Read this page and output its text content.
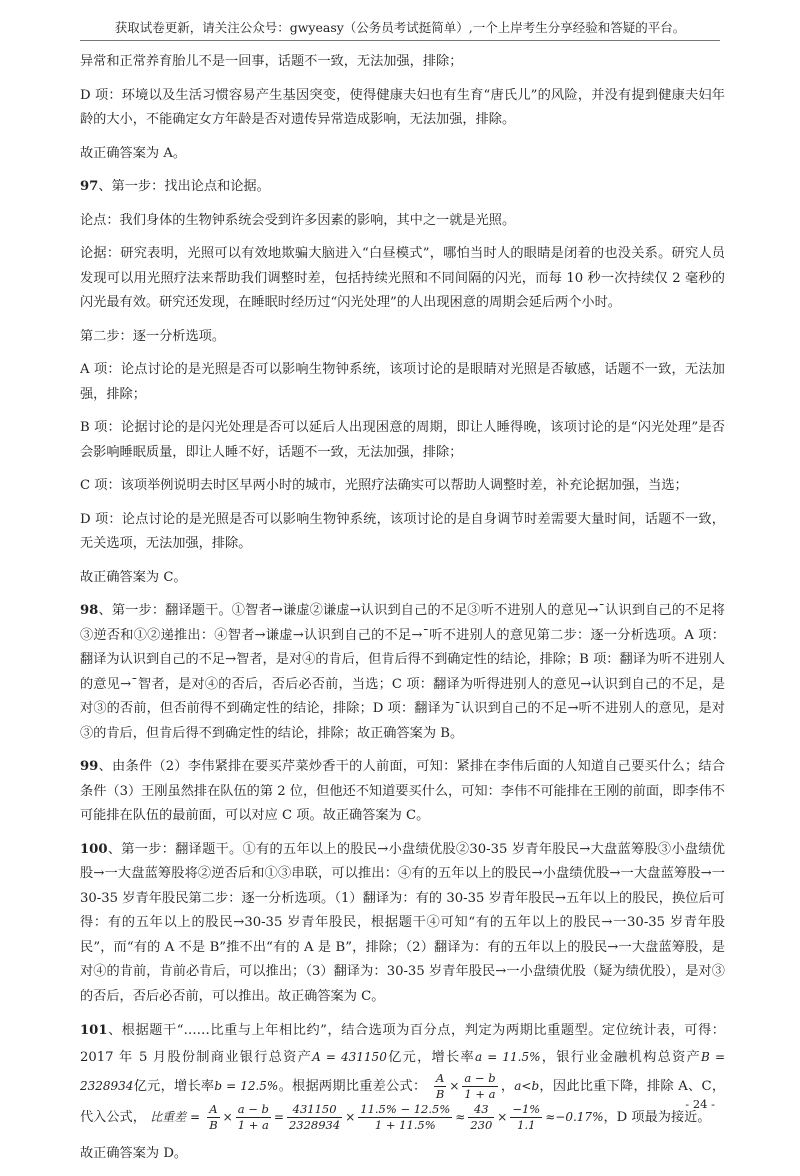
获取试卷更新，请关注公众号：gwyeasy（公务员考试挺简单）,一个上岸考生分享经验和答疑的平台。

异常和正常养育胎儿不是一回事，话题不一致，无法加强，排除；

D 项：环境以及生活习惯容易产生基因突变，使得健康夫妇也有生育“唐氏儿”的风险，并没有提到健康夫妇年龄的大小，不能确定女方年龄是否对遗传异常造成影响，无法加强，排除。

故正确答案为 A。

97、第一步：找出论点和论据。

论点：我们身体的生物钟系统会受到许多因素的影响，其中之一就是光照。

论据：研究表明，光照可以有效地欺骗大脑进入“白昼模式”，哪怕当时人的眼睛是闭着的也没关系。研究人员发现可以用光照疗法来帮助我们调整时差，包括持续光照和不同间隔的闪光，而每 10 秒一次持续仅 2 毫秒的闪光最有效。研究还发现，在睡眠时经历过“闪光处理”的人出现困意的周期会延后两个小时。

第二步：逐一分析选项。

A 项：论点讨论的是光照是否可以影响生物钟系统，该项讨论的是眼睛对光照是否敏感，话题不一致，无法加强，排除；

B 项：论据讨论的是闪光处理是否可以延后人出现困意的周期，即让人睡得晚，该项讨论的是“闪光处理”是否会影响睡眠质量，即让人睡不好，话题不一致，无法加强，排除；

C 项：该项举例说明去时区早两小时的城市，光照疗法确实可以帮助人调整时差，补充论据加强，当选；

D 项：论点讨论的是光照是否可以影响生物钟系统，该项讨论的是自身调节时差需要大量时间，话题不一致，无关选项，无法加强，排除。

故正确答案为 C。

98、第一步：翻译题干。①智者→谦虚②谦虚→认识到自己的不足③听不进别人的意见→¯认识到自己的不足将③逆否和①②递推出：④智者→谦虚→认识到自己的不足→¯听不进别人的意见第二步：逐一分析选项。A 项：翻译为认识到自己的不足→智者，是对④的肯后，但肯后得不到确定性的结论，排除；B 项：翻译为听不进别人的意见→¯智者，是对④的否后，否后必否前，当选；C 项：翻译为听得进别人的意见→认识到自己的不足，是对③的否前，但否前得不到确定性的结论，排除；D 项：翻译为¯认识到自己的不足→听不进别人的意见，是对③的肯后，但肯后得不到确定性的结论，排除；故正确答案为 B。

99、由条件（2）李伟紧排在要买芹菜炒香干的人前面，可知：紧排在李伟后面的人知道自己要买什么；结合条件（3）王刚虽然排在队伍的第 2 位，但他还不知道要买什么，可知：李伟不可能排在王刚的前面，即李伟不可能排在队伍的最前面，可以对应 C 项。故正确答案为 C。

100、第一步：翻译题干。①有的五年以上的股民→小盘绩优股②30-35 岁青年股民→大盘蓝筹股③小盘绩优股→一大盘蓝筹股将②逆否后和①③串联，可以推出：④有的五年以上的股民→小盘绩优股→一大盘蓝筹股→一30-35 岁青年股民第二步：逐一分析选项。（1）翻译为：有的 30-35 岁青年股民→五年以上的股民，换位后可得：有的五年以上的股民→30-35 岁青年股民，根据题干④可知“有的五年以上的股民→一30-35 岁青年股民”，而“有的 A 不是 B”推不出“有的 A 是 B”，排除；（2）翻译为：有的五年以上的股民→一大盘蓝筹股，是对④的肯前，肯前必肯后，可以推出；（3）翻译为：30-35 岁青年股民→一小盘绩优股（疑为绩优股），是对③的否后，否后必否前，可以推出。故正确答案为 C。

101、根据题干“……比重与上年相比约”，结合选项为百分点，判定为两期比重题型。定位统计表，可得：2017 年 5 月股份制商业银行总资产A = 431150亿元，增长率a = 11.5%，银行业金融机构总资产B = 2328934亿元，增长率b = 12.5%。根据两期比重差公式： $\frac{A}{B} \times \frac{a - b}{1 + a}$ ，a<b，因此比重下降，排除 A、C，代入公式， 比重差 = $\frac{A}{B} \times \frac{a - b}{1 + a} = \frac{431150}{2328934} \times \frac{11.5\% - 12.5\%}{1 + 11.5\%} \approx \frac{43}{230} \times \frac{-1\%}{1.1} \approx-0.17\%$，D 项最为接近。

故正确答案为 D。

- 24 -
